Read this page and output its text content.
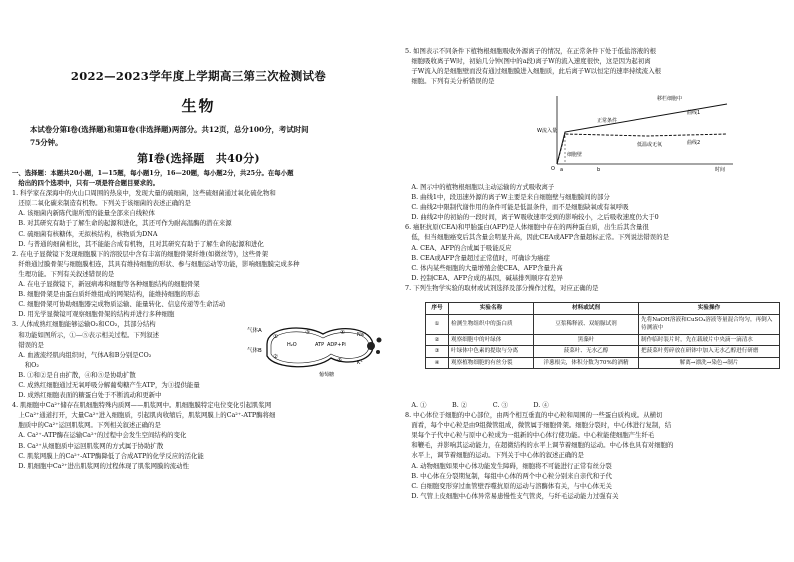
2022—2023学年度上学期高三第三次检测试卷
生物
本试卷分第Ⅰ卷(选择题)和第Ⅱ卷(非选择题)两部分。共12页，总分100分，考试时间
75分钟。
第Ⅰ卷(选择题　共40分)
一、选择题：本题共20小题，1—15题，每小题1分，16—20题，每小题2分，共25分。在每小题
　给出的四个选项中，只有一项是符合题目要求的。
1. 科学家在深海中的火山口周围的热泉中，发现大量的硫细菌，这些硫细菌通过氧化硫化物和
　还原二氧化碳来制造有机物。下列关于该细菌的表述正确的是
　A. 该细菌内新陈代谢所需的能量全部来自线粒体
　B. 对其研究有助于了解生命的起源和进化，其还可作为耐高温酶的潜在来源
　C. 硫细菌有核糖体，无拟核结构，核物质为DNA
　D. 与普通的细菌相比，其不能能合成有机物，且对其研究有助于了解生命的起源和进化
2. 在电子显微镜下发现细胞膜下的溶胶层中含有丰富的细胞骨架纤维(如微丝等)，这些骨架
　纤维通过膜骨架与细胞膜相连，其具有维持细胞的形状、参与细胞运动等功能，影响细胞膜完成多种
　生理功能。下列有关叙述错误的是
　A. 在电子显微镜下，新冠病毒和细胞等各种细胞结构的细胞骨架
　B. 细胞骨架是由蛋白质纤维组成的网架结构，能维持细胞的形态
　C. 细胞骨架可协助细胞器完成物质运输、能量转化、信息传递等生命活动
　D. 用光学显微镜可观察细胞骨架的结构并进行多种细胞
3. 人体成熟红细胞能够运输O₂和CO₂，其部分结构
　和功能如图所示，①—⑤表示相关过程。下列叙述
　错误的是
　A. 血液流经肌肉组织时，气体A和B分别是CO₂
　　和O₂
　B. ①和②是自由扩散，④和⑤是协助扩散
　C. 成熟红细胞通过无氧呼吸分解葡萄糖产生ATP，为③提供能量
　D. 成熟红细胞表面的糖蛋白处于不断流动和更新中
4. 肌细胞中Ca²⁺储存在肌细胞特殊内质网——肌浆网中。肌细胞膜特定电位变化引起肌浆网
　上Ca²⁺通道打开，大量Ca²⁺进入细胞质，引起肌肉收缩后，肌浆网膜上的Ca²⁺-ATP酶将细
　胞质中的Ca²⁺运回肌浆网。下列相关叙述正确的是
　A. Ca²⁺-ATP酶在运输Ca²⁺的过程中会发生空间结构的变化
　B. Ca²⁺从细胞质中运回肌浆网的方式属于协助扩散
　C. 肌浆网膜上的Ca²⁺-ATP酶降低了合成ATP的化学反应的活化能
　D. 肌细胞中Ca²⁺进出肌浆网的过程体现了肌浆网膜的流动性
气体A
气体B
①
②
H₂O	ATP ADP+Pi
③	④
⑤
葡萄糖
Na⁺
K⁺
5. 如图表示不同条件下植物根细胞吸收外源离子的情况，在正常条件下处于低盐溶液的根
　细胞吸收离子W时，初始几分钟(图中的a段)离子W的流入速度很快，这是因为起初离
　子W流入的是细胞壁而没有通过细胞膜进入细胞质，此后离子W以恒定的速率持续流入根
　细胞。下列有关分析错误的是
W流入量
O	时间
a	b
正常条件
曲线1
低温或无氧	曲线2
细胞壁
移栏细胞中
　A. 图示中的植物根细胞以主动运输的方式吸收离子
　B. 曲线1中，段迅速外源的离子W主要是来自细胞壁与细胞膜间的部分
　C. 曲线2中限制代谢作用的条件可能是低温条件，而不是细胞缺氧或有氧呼吸
　D. 曲线2中的初始的一段时间，离子W吸收速率受到的影响较小，之后吸收速度仍大于0
6. 癌胚抗原(CEA)和甲胎蛋白(AFP)是人体细胞中存在的两种蛋白质，出生后其含量很
　低，但当细胞癌变后其含量会明显升高，因此CEA或AFP含量超标正常。下列说法错误的是
　A. CEA、AFP的合成属于吸能反应
　B. CEA或AFP含量超过正常值时，可确诊为癌症
　C. 体内某些细胞的大量增殖会使CEA、AFP含量升高
　D. 控制CEA、AFP合成的基因，碱基排列顺序有差异
7. 下列生物学实验的取材或试剂选择及部分操作过程，对应正确的是
序号	实验名称	材料或试剂	实验操作
①	检测生物组织中的蛋白质	豆浆稀释液、双缩脲试剂	先将NaOH溶液和CuSO₄溶液等量混合均匀，再倒入待测液中
②	观察细胞中的叶绿体	黑藻叶	制作临时装片时，先在载玻片中央滴一滴清水
③	叶绿体中色素的提取与分离	菠菜叶、无水乙醇	把菠菜叶剪碎放在研钵中加入无水乙醇进行研磨
④	观察植物细胞的有丝分裂	洋葱根尖，体积分数为70%的酒精	解离→漂洗→染色→制片
　A. ①　　　　B. ②　　　　C. ③　　　　D. ④
8. 中心体位于细胞的中心部位，由两个相互垂直的中心粒和周围的一些蛋白质构成。从横切
　面看，每个中心粒是由9组微管组成，微管属于细胞骨架。细胞分裂时，中心体进行复制，结
　果每个子代中心粒与原中心粒成为一组新的中心体行使功能。中心粒能使细胞产生纤毛
　和鞭毛，并影响其运动能力，在超微结构的水平上调节着细胞的运动。中心体也具有对细胞的
　水平上，调节着细胞的运动。下列关于中心体的叙述正确的是
　A. 动物细胞如果中心体功能发生障碍，细胞将不可能进行正常有丝分裂
　B. 中心体在分裂期复制，每组中心体的两个中心粒分别来自亲代和子代
　C. 白细胞变形穿过血管壁吞噬抗原的运动与溶酶体有关，与中心体无关
　D. 气管上皮细胞中心体异常易患慢性支气管炎，与纤毛运动能力过强有关
